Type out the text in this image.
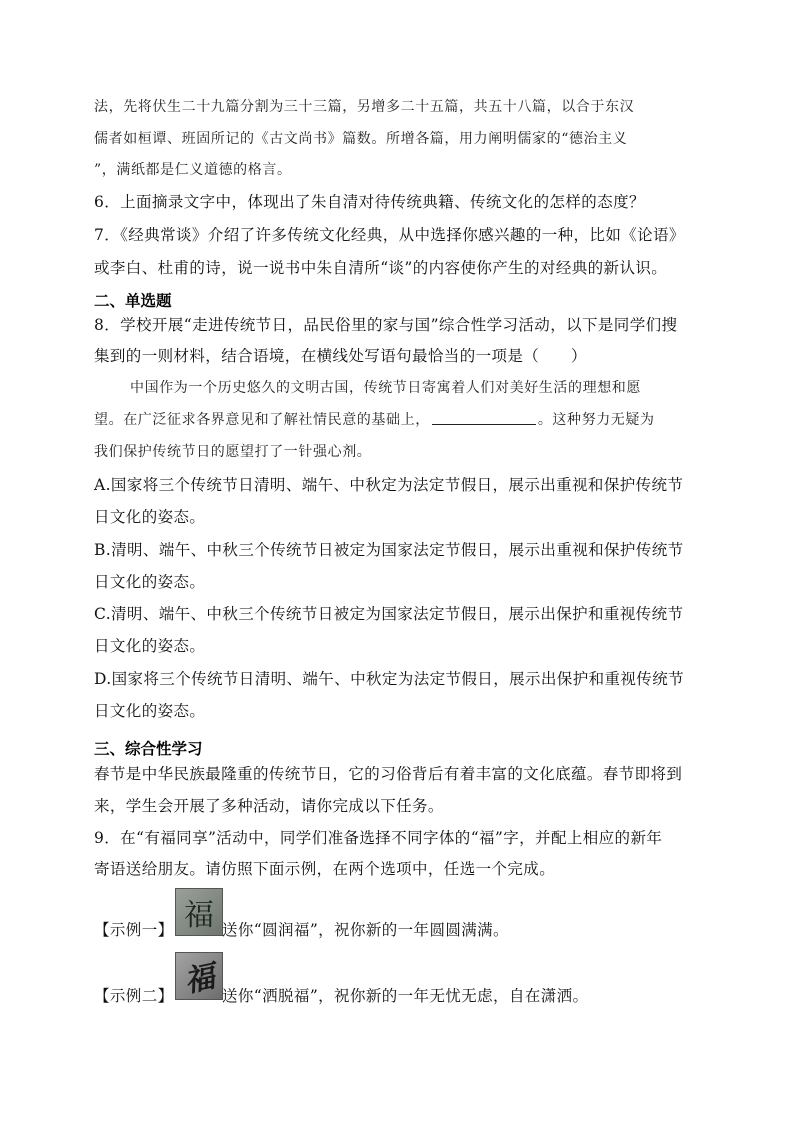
法，先将伏生二十九篇分割为三十三篇，另增多二十五篇，共五十八篇，以合于东汉
儒者如桓谭、班固所记的《古文尚书》篇数。所增各篇，用力阐明儒家的“德治主义
”，满纸都是仁义道德的格言。
6．上面摘录文字中，体现出了朱自清对待传统典籍、传统文化的怎样的态度？
7．《经典常谈》介绍了许多传统文化经典，从中选择你感兴趣的一种，比如《论语》
或李白、杜甫的诗，说一说书中朱自清所“谈”的内容使你产生的对经典的新认识。
二、单选题
8．学校开展“走进传统节日，品民俗里的家与国”综合性学习活动，以下是同学们搜
集到的一则材料，结合语境，在横线处写语句最恰当的一项是（　　）
中国作为一个历史悠久的文明古国，传统节日寄寓着人们对美好生活的理想和愿
望。在广泛征求各界意见和了解社情民意的基础上，	。这种努力无疑为
我们保护传统节日的愿望打了一针强心剂。
A.国家将三个传统节日清明、端午、中秋定为法定节假日，展示出重视和保护传统节
日文化的姿态。
B.清明、端午、中秋三个传统节日被定为国家法定节假日，展示出重视和保护传统节
日文化的姿态。
C.清明、端午、中秋三个传统节日被定为国家法定节假日，展示出保护和重视传统节
日文化的姿态。
D.国家将三个传统节日清明、端午、中秋定为法定节假日，展示出保护和重视传统节
日文化的姿态。
三、综合性学习
春节是中华民族最隆重的传统节日，它的习俗背后有着丰富的文化底蕴。春节即将到
来，学生会开展了多种活动，请你完成以下任务。
9．在“有福同享”活动中，同学们准备选择不同字体的“福”字，并配上相应的新年
寄语送给朋友。请仿照下面示例，在两个选项中，任选一个完成。
【示例一】 福 送你“圆润福”，祝你新的一年圆圆满满。
【示例二】 福 送你“洒脱福”，祝你新的一年无忧无虑，自在潇洒。
